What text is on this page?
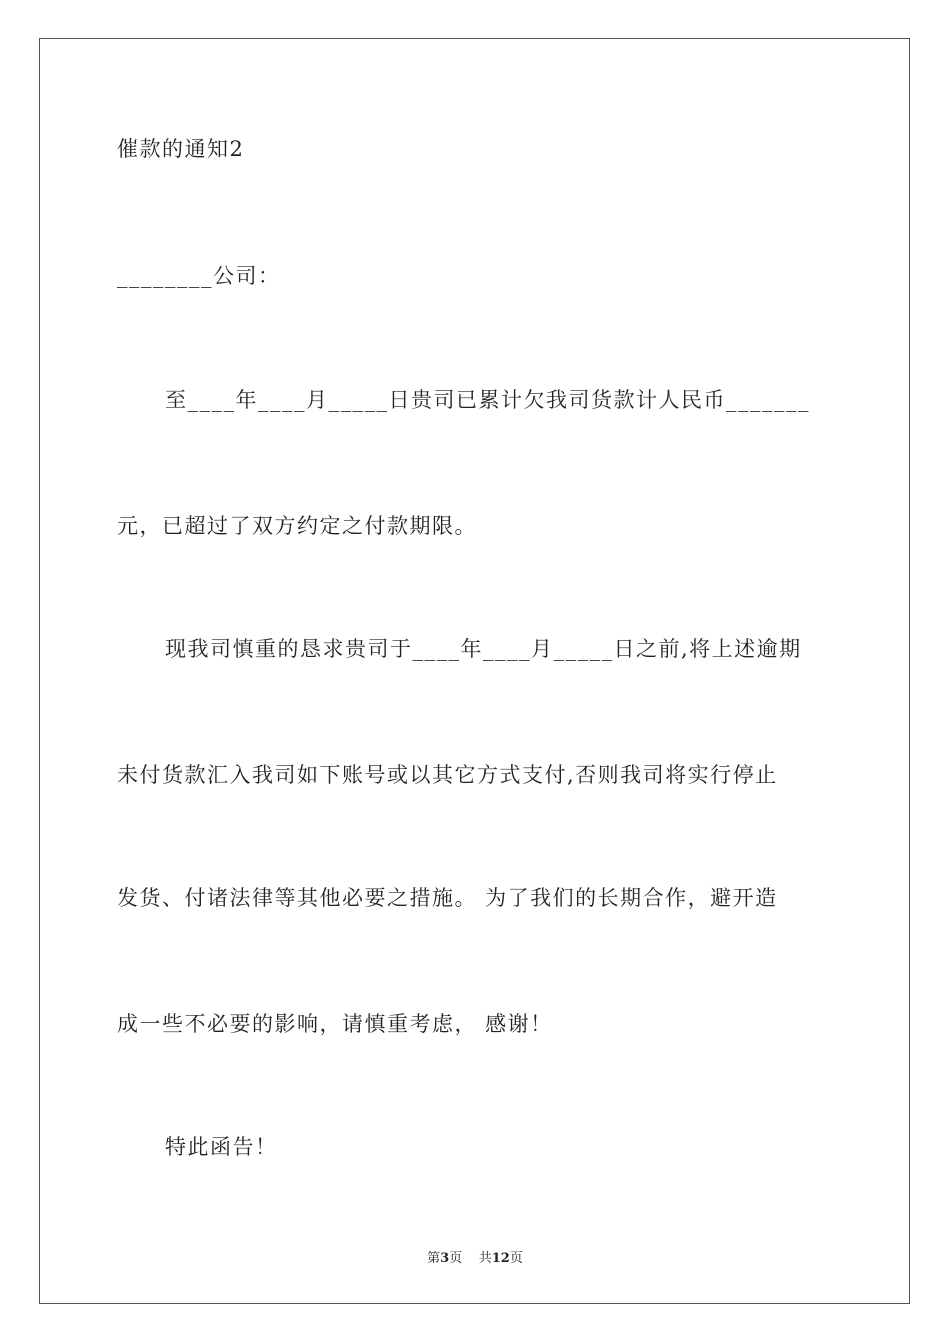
催款的通知2
________公司：
至____年____月_____日贵司已累计欠我司货款计人民币_______
元，已超过了双方约定之付款期限。
现我司慎重的恳求贵司于____年____月_____日之前,将上述逾期
未付货款汇入我司如下账号或以其它方式支付,否则我司将实行停止
发货、付诸法律等其他必要之措施。 为了我们的长期合作，避开造
成一些不必要的影响，请慎重考虑， 感谢！
特此函告！
第3页 共12页
